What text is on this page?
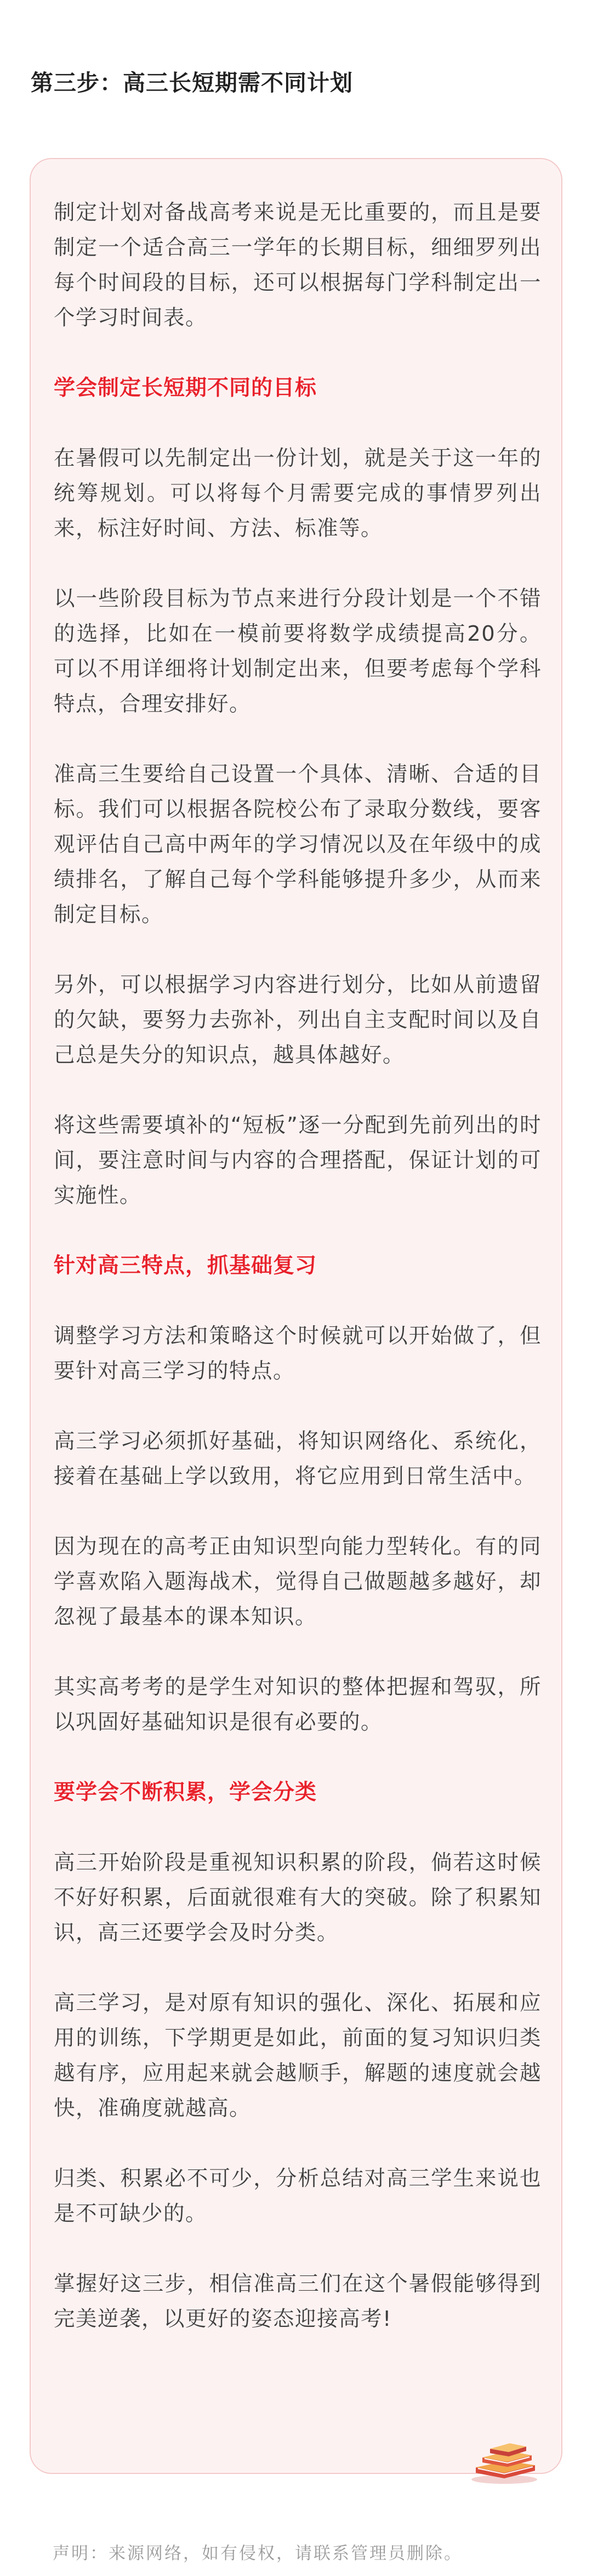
第三步：高三长短期需不同计划

制定计划对备战高考来说是无比重要的，而且是要制定一个适合高三一学年的长期目标，细细罗列出每个时间段的目标，还可以根据每门学科制定出一个学习时间表。

学会制定长短期不同的目标

在暑假可以先制定出一份计划，就是关于这一年的统筹规划。可以将每个月需要完成的事情罗列出来，标注好时间、方法、标准等。

以一些阶段目标为节点来进行分段计划是一个不错的选择，比如在一模前要将数学成绩提高20分。可以不用详细将计划制定出来，但要考虑每个学科特点，合理安排好。

准高三生要给自己设置一个具体、清晰、合适的目标。我们可以根据各院校公布了录取分数线，要客观评估自己高中两年的学习情况以及在年级中的成绩排名，了解自己每个学科能够提升多少，从而来制定目标。

另外，可以根据学习内容进行划分，比如从前遗留的欠缺，要努力去弥补，列出自主支配时间以及自己总是失分的知识点，越具体越好。

将这些需要填补的“短板”逐一分配到先前列出的时间，要注意时间与内容的合理搭配，保证计划的可实施性。

针对高三特点，抓基础复习

调整学习方法和策略这个时候就可以开始做了，但要针对高三学习的特点。

高三学习必须抓好基础，将知识网络化、系统化，接着在基础上学以致用，将它应用到日常生活中。

因为现在的高考正由知识型向能力型转化。有的同学喜欢陷入题海战术，觉得自己做题越多越好，却忽视了最基本的课本知识。

其实高考考的是学生对知识的整体把握和驾驭，所以巩固好基础知识是很有必要的。

要学会不断积累，学会分类

高三开始阶段是重视知识积累的阶段，倘若这时候不好好积累，后面就很难有大的突破。除了积累知识，高三还要学会及时分类。

高三学习，是对原有知识的强化、深化、拓展和应用的训练，下学期更是如此，前面的复习知识归类越有序，应用起来就会越顺手，解题的速度就会越快，准确度就越高。

归类、积累必不可少，分析总结对高三学生来说也是不可缺少的。

掌握好这三步，相信准高三们在这个暑假能够得到完美逆袭，以更好的姿态迎接高考!

声明：来源网络，如有侵权，请联系管理员删除。
